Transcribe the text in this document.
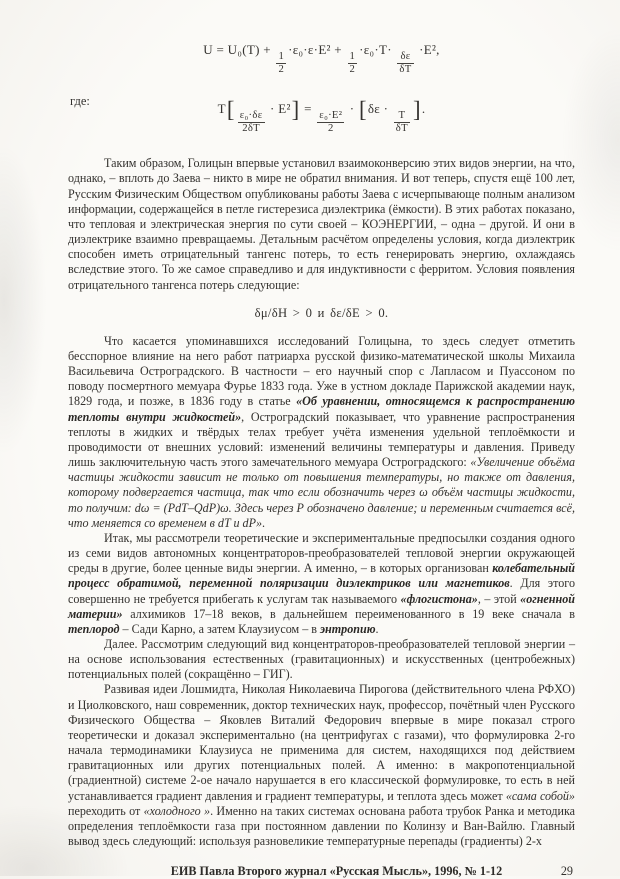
U = U₀(T) +
$\frac{1}{2}$
·ε₀·ε·E² +
$\frac{1}{2}$
·ε₀·T·
$\frac{\delta\varepsilon}{\delta T}$
·E²,
где:	T[
$\frac{\text{ε₀·δε}}{2\delta T}$
· E²] =
$\frac{\text{ε₀·E²}}{2}$
· [δε ·
$\frac{T}{\delta T}$
].

Таким образом, Голицын впервые установил взаимоконверсию этих видов энергии, на что, однако, – вплоть до Заева – никто в мире не обратил внимания. И вот теперь, спустя ещё 100 лет, Русским Физическим Обществом опубликованы работы Заева с исчерпывающе полным анализом информации, содержащейся в петле гистерезиса диэлектрика (ёмкости). В этих работах показано, что тепловая и электрическая энергия по сути своей – КОЭНЕРГИИ, – одна – другой. И они в диэлектрике взаимно превращаемы. Детальным расчётом определены условия, когда диэлектрик способен иметь отрицательный тангенс потерь, то есть генерировать энергию, охлаждаясь вследствие этого. То же самое справедливо и для индуктивности с ферритом. Условия появления отрицательного тангенса потерь следующие:

δμ/δH > 0 и δε/δE > 0.

Что касается упоминавшихся исследований Голицына, то здесь следует отметить бесспорное влияние на него работ патриарха русской физико-математической школы Михаила Васильевича Остроградского. В частности – его научный спор с Лапласом и Пуассоном по поводу посмертного мемуара Фурье 1833 года. Уже в устном докладе Парижской академии наук, 1829 года, и позже, в 1836 году в статье «Об уравнении, относящемся к распространению теплоты внутри жидкостей», Остроградский показывает, что уравнение распространения теплоты в жидких и твёрдых телах требует учёта изменения удельной теплоёмкости и проводимости от внешних условий: изменений величины температуры и давления. Приведу лишь заключительную часть этого замечательного мемуара Остроградского: «Увеличение объёма частицы жидкости зависит не только от повышения температуры, но также от давления, которому подвергается частица, так что если обозначить через ω объём частицы жидкости, то получим: dω = (PdT–QdP)ω. Здесь через Р обозначено давление; и переменным считается всё, что меняется со временем в dT и dP».

Итак, мы рассмотрели теоретические и экспериментальные предпосылки создания одного из семи видов автономных концентраторов-преобразователей тепловой энергии окружающей среды в другие, более ценные виды энергии. А именно, – в которых организован колебательный процесс обратимой, переменной поляризации диэлектриков или магнетиков. Для этого совершенно не требуется прибегать к услугам так называемого «флогистона», – этой «огненной материи» алхимиков 17–18 веков, в дальнейшем переименованного в 19 веке сначала в теплород – Сади Карно, а затем Клаузиусом – в энтропию.

Далее. Рассмотрим следующий вид концентраторов-преобразователей тепловой энергии – на основе использования естественных (гравитационных) и искусственных (центробежных) потенциальных полей (сокращённо – ГИГ).

Развивая идеи Лошмидта, Николая Николаевича Пирогова (действительного члена РФХО) и Циолковского, наш современник, доктор технических наук, профессор, почётный член Русского Физического Общества – Яковлев Виталий Федорович впервые в мире показал строго теоретически и доказал экспериментально (на центрифугах с газами), что формулировка 2-го начала термодинамики Клаузиуса не применима для систем, находящихся под действием гравитационных или других потенциальных полей. А именно: в макропотенциальной (градиентной) системе 2-ое начало нарушается в его классической формулировке, то есть в ней устанавливается градиент давления и градиент температуры, и теплота здесь может «сама собой» переходить от «холодного ». Именно на таких системах основана работа трубок Ранка и методика определения теплоёмкости газа при постоянном давлении по Колинзу и Ван-Вайлю. Главный вывод здесь следующий: используя разновеликие температурные перепады (градиенты) 2-х

ЕИВ Павла Второго журнал «Русская Мысль», 1996, № 1-12	29
